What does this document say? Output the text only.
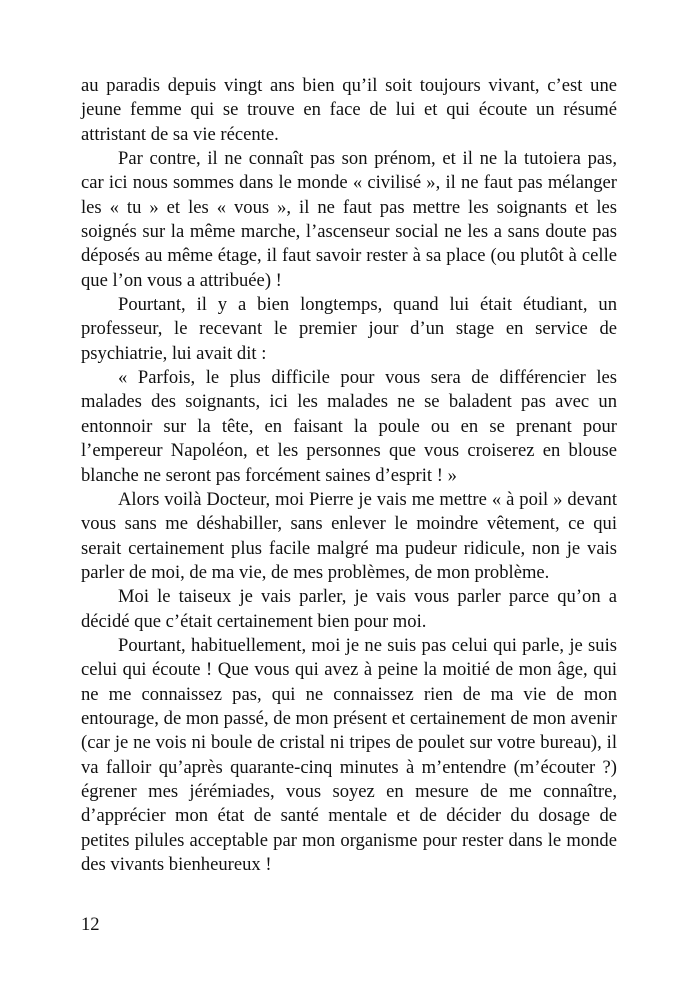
au paradis depuis vingt ans bien qu’il soit toujours vivant, c’est une jeune femme qui se trouve en face de lui et qui écoute un résumé attristant de sa vie récente.

Par contre, il ne connaît pas son prénom, et il ne la tutoiera pas, car ici nous sommes dans le monde « civilisé », il ne faut pas mélanger les « tu » et les « vous », il ne faut pas mettre les soignants et les soignés sur la même marche, l’ascenseur social ne les a sans doute pas déposés au même étage, il faut savoir rester à sa place (ou plutôt à celle que l’on vous a attribuée) !

Pourtant, il y a bien longtemps, quand lui était étudiant, un professeur, le recevant le premier jour d’un stage en service de psychiatrie, lui avait dit :

« Parfois, le plus difficile pour vous sera de différencier les malades des soignants, ici les malades ne se baladent pas avec un entonnoir sur la tête, en faisant la poule ou en se prenant pour l’empereur Napoléon, et les personnes que vous croiserez en blouse blanche ne seront pas forcément saines d’esprit ! »

Alors voilà Docteur, moi Pierre je vais me mettre « à poil » devant vous sans me déshabiller, sans enlever le moindre vêtement, ce qui serait certainement plus facile malgré ma pudeur ridicule, non je vais parler de moi, de ma vie, de mes problèmes, de mon problème.

Moi le taiseux je vais parler, je vais vous parler parce qu’on a décidé que c’était certainement bien pour moi.

Pourtant, habituellement, moi je ne suis pas celui qui parle, je suis celui qui écoute ! Que vous qui avez à peine la moitié de mon âge, qui ne me connaissez pas, qui ne connaissez rien de ma vie de mon entourage, de mon passé, de mon présent et certainement de mon avenir (car je ne vois ni boule de cristal ni tripes de poulet sur votre bureau), il va falloir qu’après quarante-cinq minutes à m’entendre (m’écouter ?) égrener mes jérémiades, vous soyez en mesure de me connaître, d’apprécier mon état de santé mentale et de décider du dosage de petites pilules acceptable par mon organisme pour rester dans le monde des vivants bienheureux !

12
